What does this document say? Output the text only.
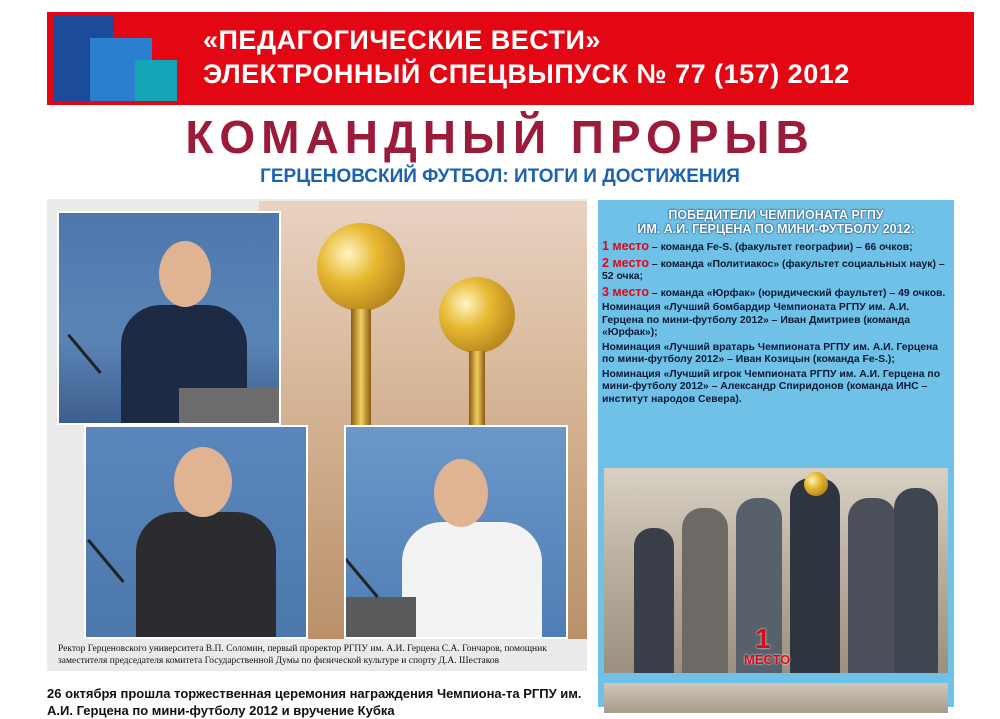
«ПЕДАГОГИЧЕСКИЕ ВЕСТИ»
ЭЛЕКТРОННЫЙ СПЕЦВЫПУСК № 77 (157) 2012
КОМАНДНЫЙ ПРОРЫВ
ГЕРЦЕНОВСКИЙ ФУТБОЛ: ИТОГИ И ДОСТИЖЕНИЯ
Ректор Герценовского университета В.П. Соломин, первый проректор РГПУ им. А.И. Герцена С.А. Гончаров, помощник заместителя председателя комитета Государственной Думы по физической культуре и спорту Д.А. Шестаков
26 октября прошла торжественная церемония награждения Чемпиона-та РГПУ им. А.И. Герцена по мини-футболу 2012 и вручение Кубка
ПОБЕДИТЕЛИ ЧЕМПИОНАТА РГПУ
ИМ. А.И. ГЕРЦЕНА ПО МИНИ-ФУТБОЛУ 2012:

1 место – команда Fe-S. (факультет географии) – 66 очков;

2 место – команда «Политиакос» (факультет социальных наук) – 52 очка;

3 место – команда «Юрфак» (юридический фаультет) – 49 очков.

Номинация «Лучший бомбардир Чемпионата РГПУ им. А.И. Герцена по мини-футболу 2012» – Иван Дмитриев (команда «Юрфак»);

Номинация «Лучший вратарь Чемпионата РГПУ им. А.И. Герцена по мини-футболу 2012» – Иван Козицын (команда Fe-S.);

Номинация «Лучший игрок Чемпионата РГПУ им. А.И. Герцена по мини-футболу 2012» – Александр Спиридонов (команда ИНС – институт народов Севера).

1
МЕСТО
